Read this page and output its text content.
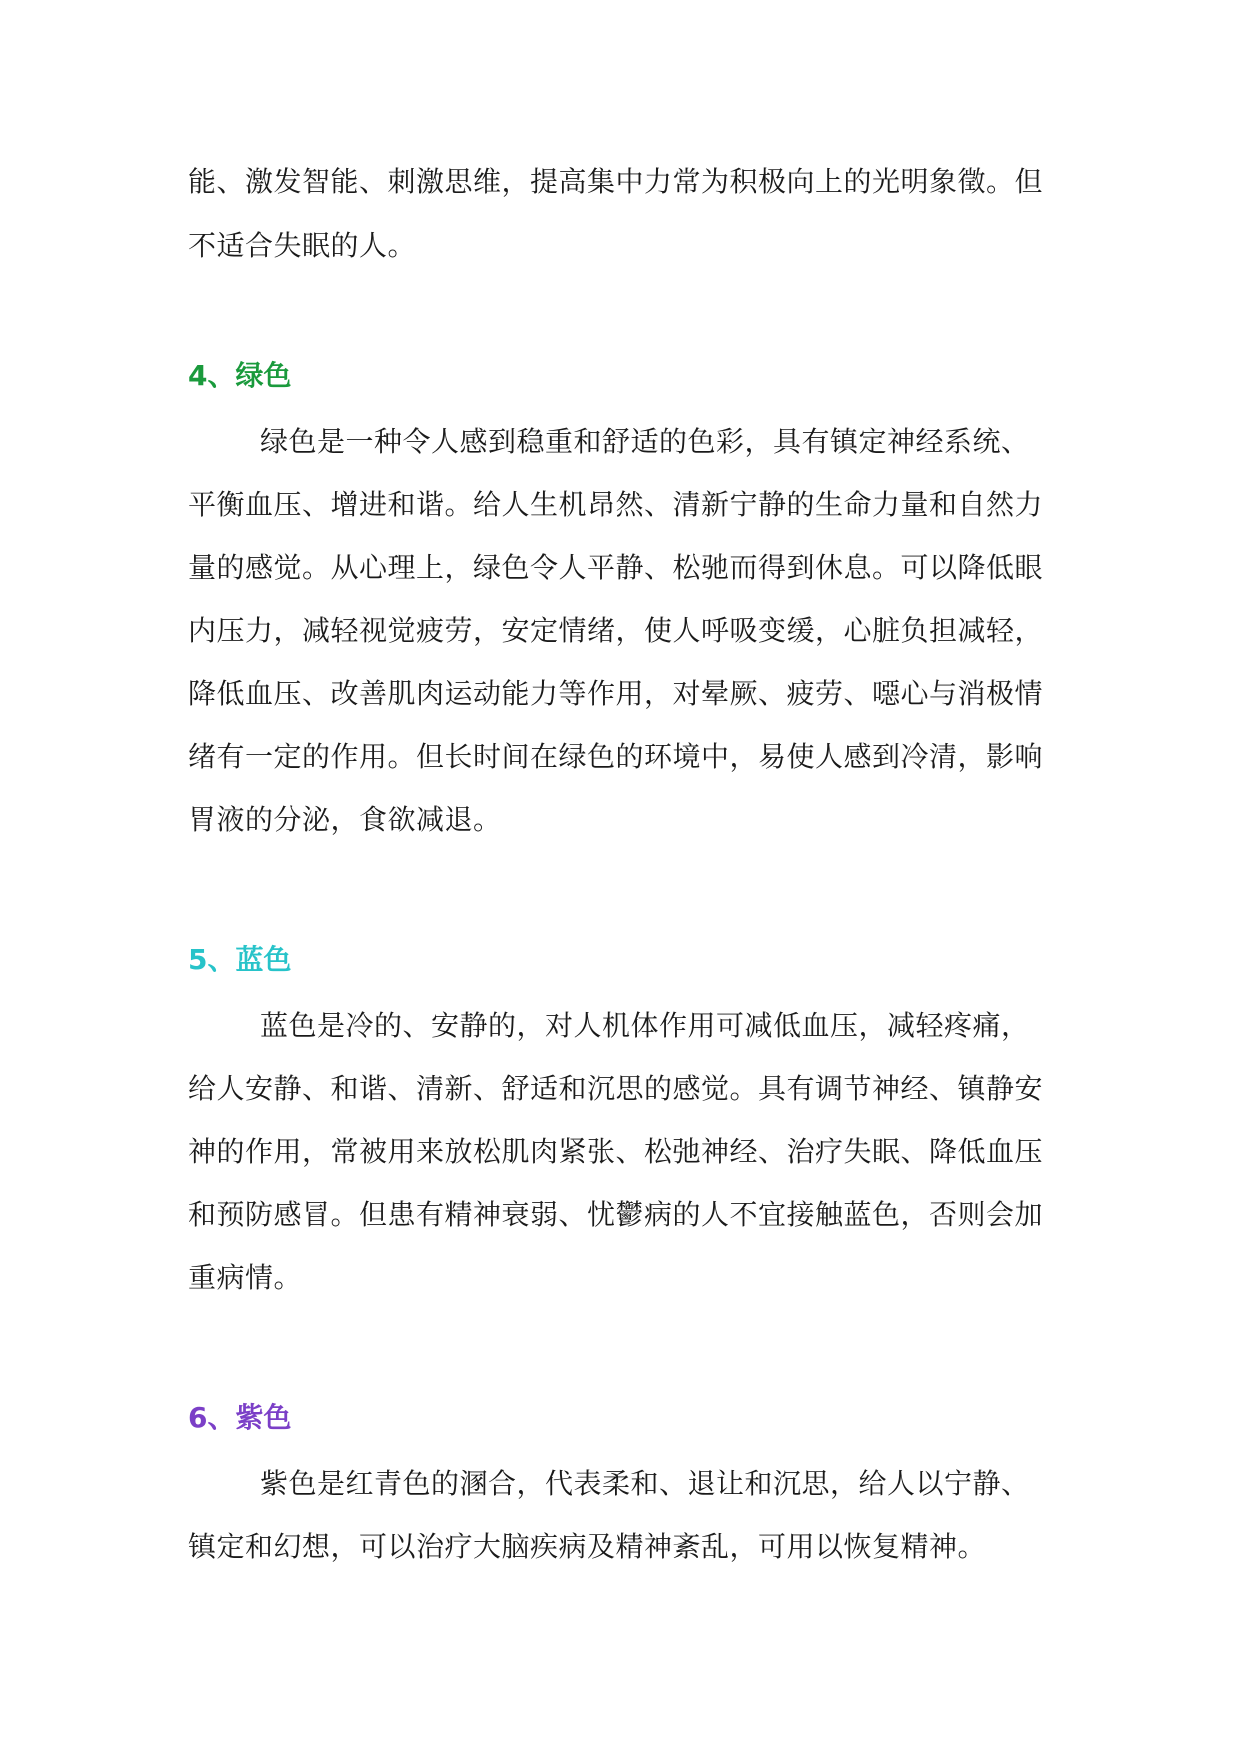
能、激发智能、刺激思维，提高集中力常为积极向上的光明象徵。但
不适合失眠的人。
4、绿色
绿色是一种令人感到稳重和舒适的色彩，具有镇定神经系统、
平衡血压、增进和谐。给人生机昂然、清新宁静的生命力量和自然力
量的感觉。从心理上，绿色令人平静、松驰而得到休息。可以降低眼
内压力，减轻视觉疲劳，安定情绪，使人呼吸变缓，心脏负担减轻，
降低血压、改善肌肉运动能力等作用，对晕厥、疲劳、噁心与消极情
绪有一定的作用。但长时间在绿色的环境中，易使人感到冷清，影响
胃液的分泌，食欲减退。
5、蓝色
蓝色是冷的、安静的，对人机体作用可减低血压，减轻疼痛，
给人安静、和谐、清新、舒适和沉思的感觉。具有调节神经、镇静安
神的作用，常被用来放松肌肉紧张、松弛神经、治疗失眠、降低血压
和预防感冒。但患有精神衰弱、忧鬱病的人不宜接触蓝色，否则会加
重病情。
6、紫色
紫色是红青色的溷合，代表柔和、退让和沉思，给人以宁静、
镇定和幻想，可以治疗大脑疾病及精神紊乱，可用以恢复精神。
